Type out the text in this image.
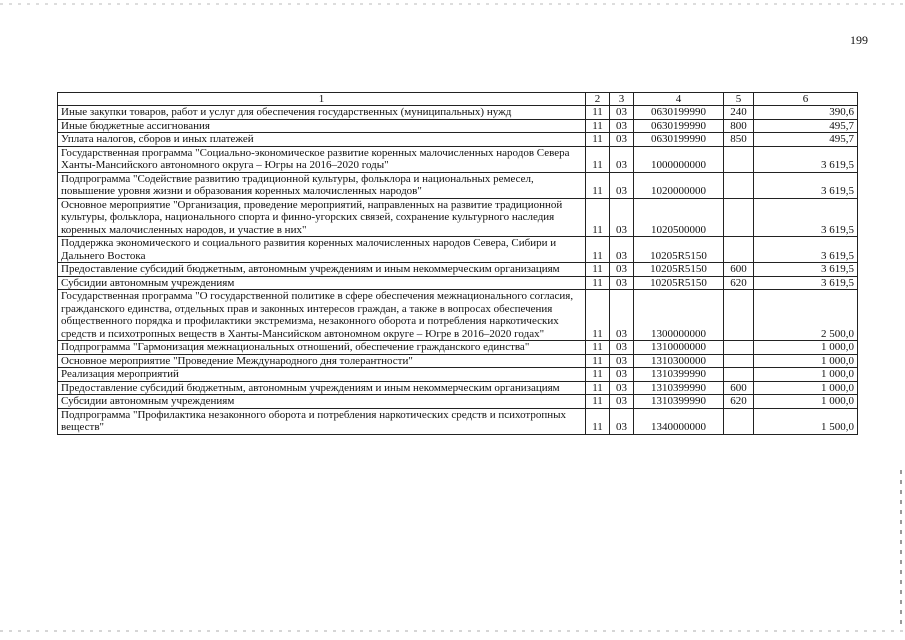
199
1	2	3	4	5	6
Иные закупки товаров, работ и услуг для обеспечения государственных (муниципальных) нужд	11	03	0630199990	240	390,6
Иные бюджетные ассигнования	11	03	0630199990	800	495,7
Уплата налогов, сборов и иных платежей	11	03	0630199990	850	495,7
Государственная программа "Социально-экономическое развитие коренных малочисленных народов Севера Ханты-Мансийского автономного округа – Югры на 2016–2020 годы"	11	03	1000000000		3 619,5
Подпрограмма "Содействие развитию традиционной культуры, фольклора и национальных ремесел, повышение уровня жизни и образования коренных малочисленных народов"	11	03	1020000000		3 619,5
Основное мероприятие "Организация, проведение мероприятий, направленных на развитие традиционной культуры, фольклора, национального спорта и финно-угорских связей, сохранение культурного наследия коренных малочисленных народов, и участие в них"	11	03	1020500000		3 619,5
Поддержка экономического и социального развития коренных малочисленных народов Севера, Сибири и Дальнего Востока	11	03	10205R5150		3 619,5
Предоставление субсидий бюджетным, автономным учреждениям и иным некоммерческим организациям	11	03	10205R5150	600	3 619,5
Субсидии автономным учреждениям	11	03	10205R5150	620	3 619,5
Государственная программа "О государственной политике в сфере обеспечения межнационального согласия, гражданского единства, отдельных прав и законных интересов граждан, а также в вопросах обеспечения общественного порядка и профилактики экстремизма, незаконного оборота и потребления наркотических средств и психотропных веществ в Ханты-Мансийском автономном округе – Югре в 2016–2020 годах"	11	03	1300000000		2 500,0
Подпрограмма "Гармонизация межнациональных отношений, обеспечение гражданского единства"	11	03	1310000000		1 000,0
Основное мероприятие "Проведение Международного дня толерантности"	11	03	1310300000		1 000,0
Реализация мероприятий	11	03	1310399990		1 000,0
Предоставление субсидий бюджетным, автономным учреждениям и иным некоммерческим организациям	11	03	1310399990	600	1 000,0
Субсидии автономным учреждениям	11	03	1310399990	620	1 000,0
Подпрограмма "Профилактика незаконного оборота и потребления наркотических средств и психотропных веществ"	11	03	1340000000		1 500,0
